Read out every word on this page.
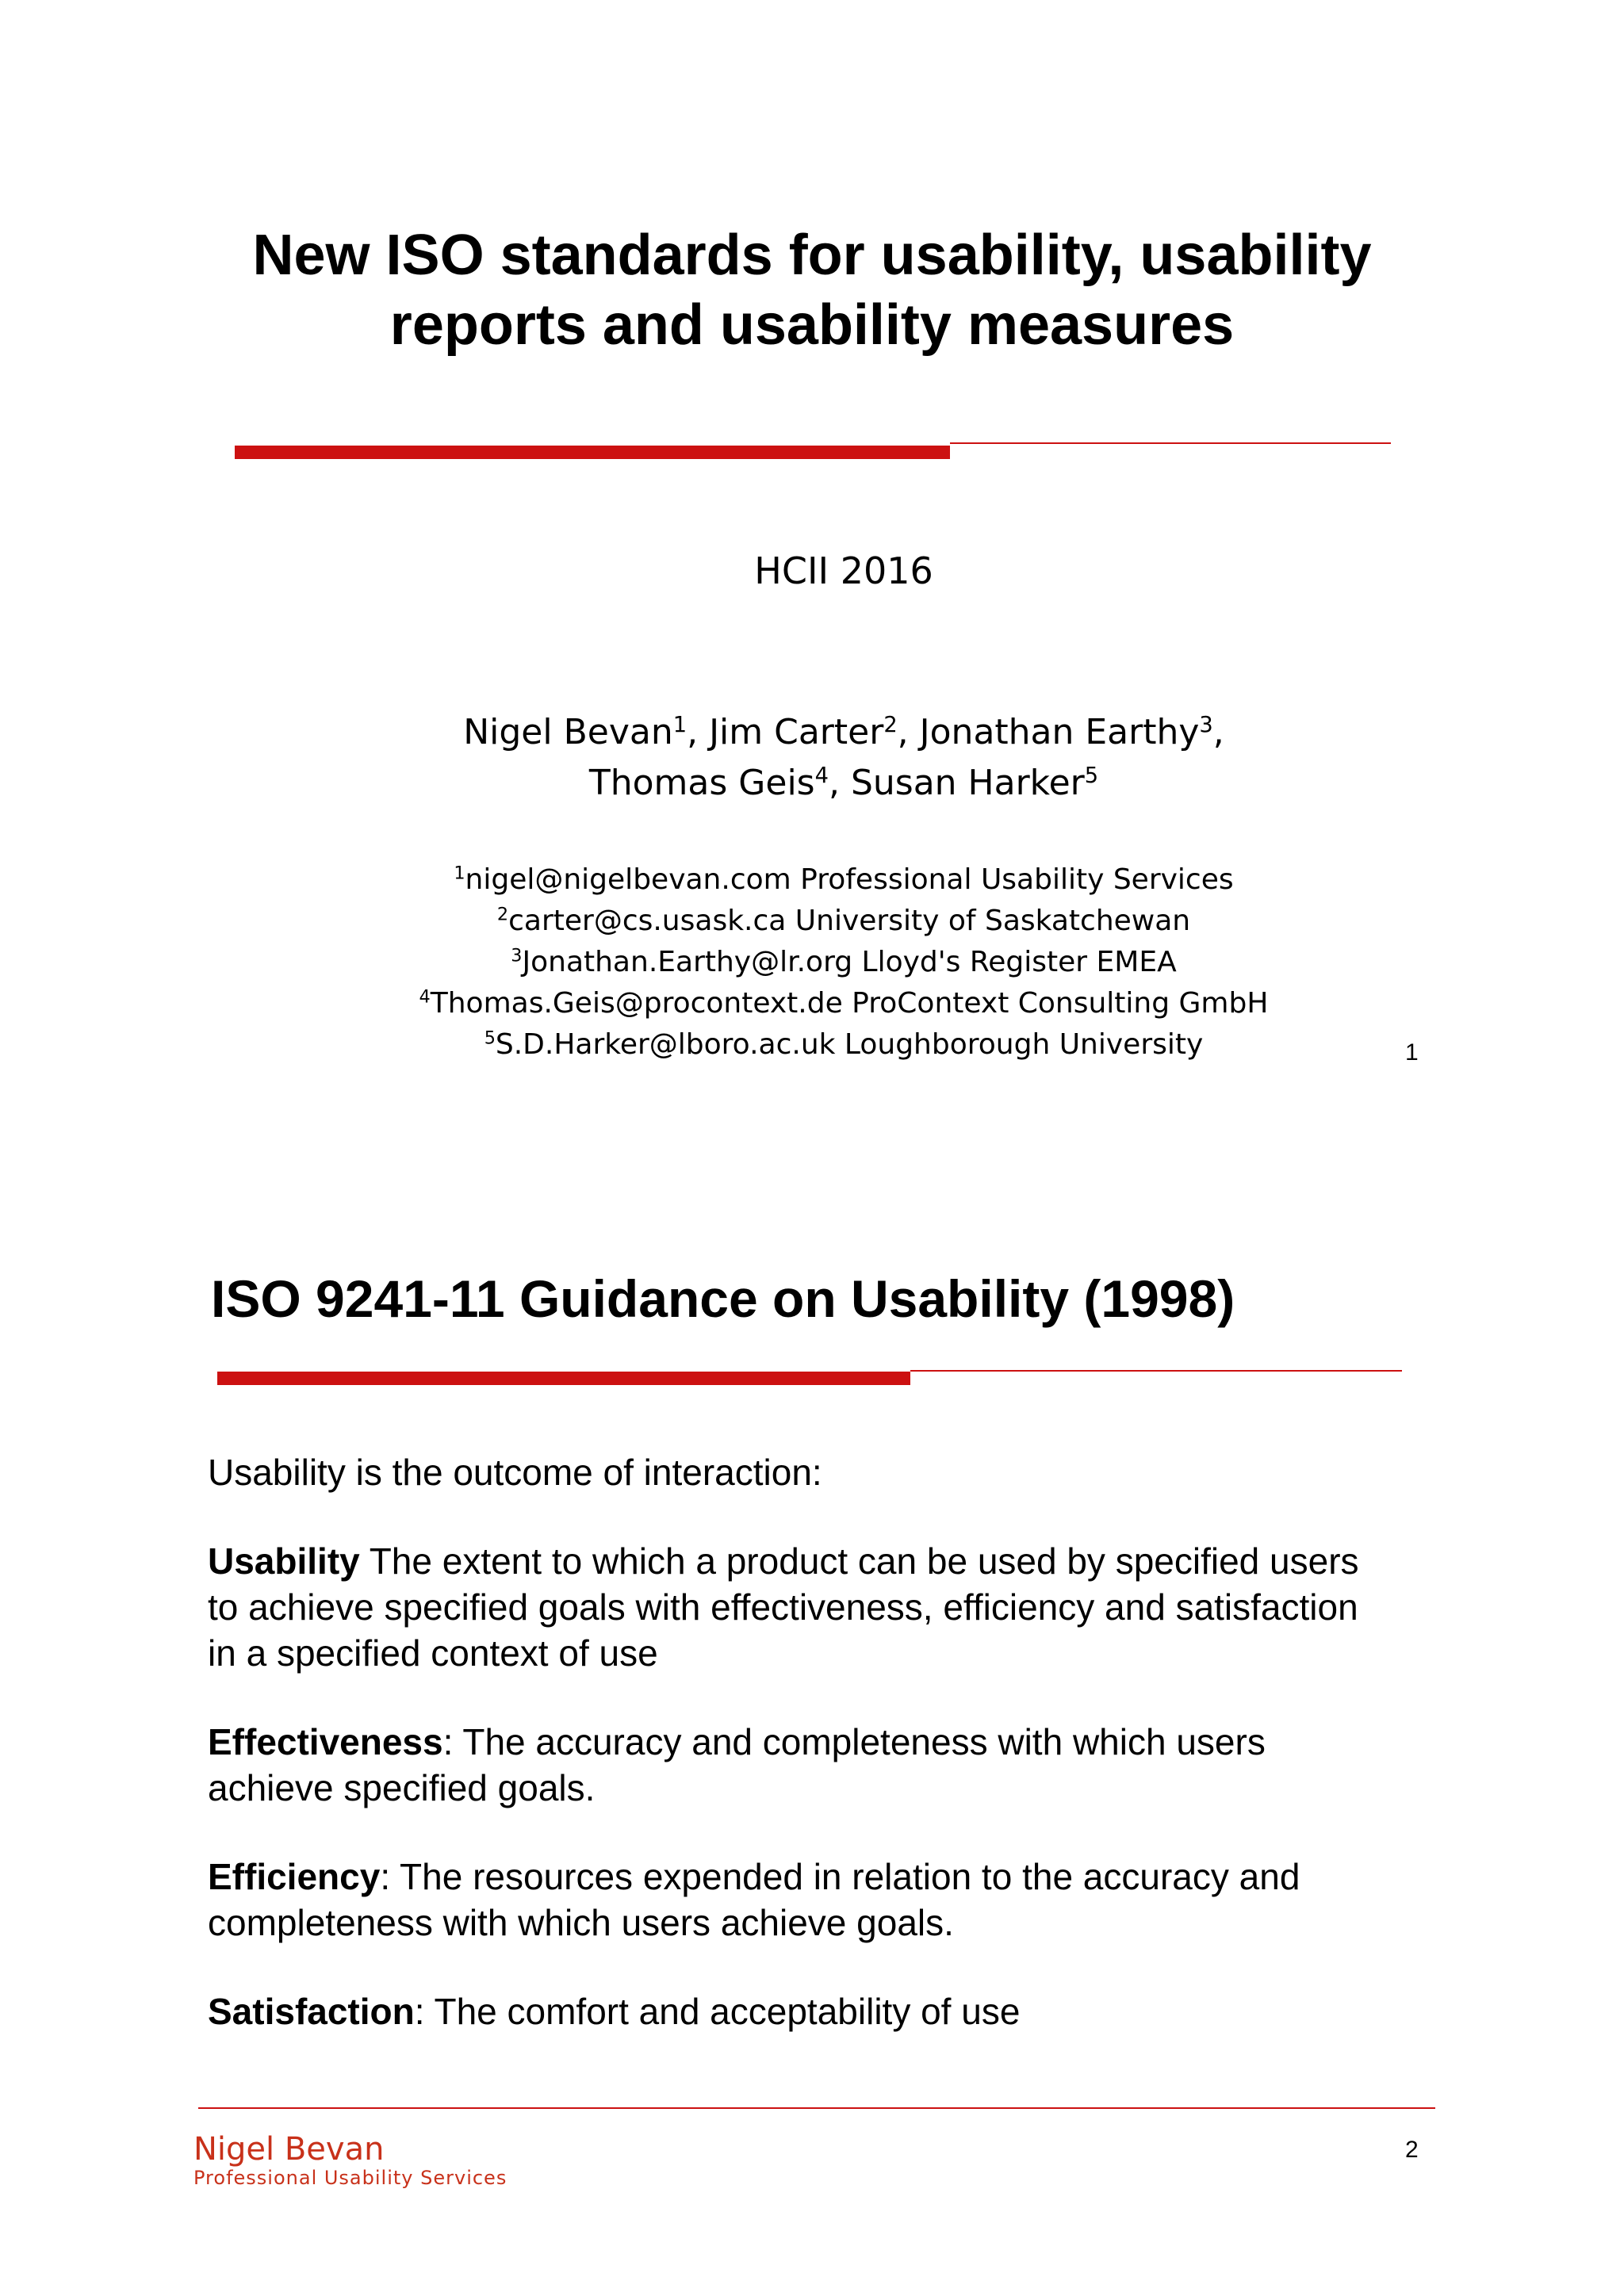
New ISO standards for usability, usability
reports and usability measures
HCII 2016
Nigel Bevan$^1$, Jim Carter$^2$, Jonathan Earthy$^3$,
Thomas Geis$^4$, Susan Harker$^5$
$^1$nigel@nigelbevan.com Professional Usability Services
$^2$carter@cs.usask.ca University of Saskatchewan
$^3$Jonathan.Earthy@lr.org Lloyd's Register EMEA
$^4$Thomas.Geis@procontext.de ProContext Consulting GmbH
$^5$S.D.Harker@lboro.ac.uk Loughborough University	1
ISO 9241-11 Guidance on Usability (1998)

Usability is the outcome of interaction:

Usability The extent to which a product can be used by specified users to achieve specified goals with effectiveness, efficiency and satisfaction in a specified context of use

Effectiveness: The accuracy and completeness with which users achieve specified goals.

Efficiency: The resources expended in relation to the accuracy and completeness with which users achieve goals.

Satisfaction: The comfort and acceptability of use

Nigel Bevan
Professional Usability Services
2
